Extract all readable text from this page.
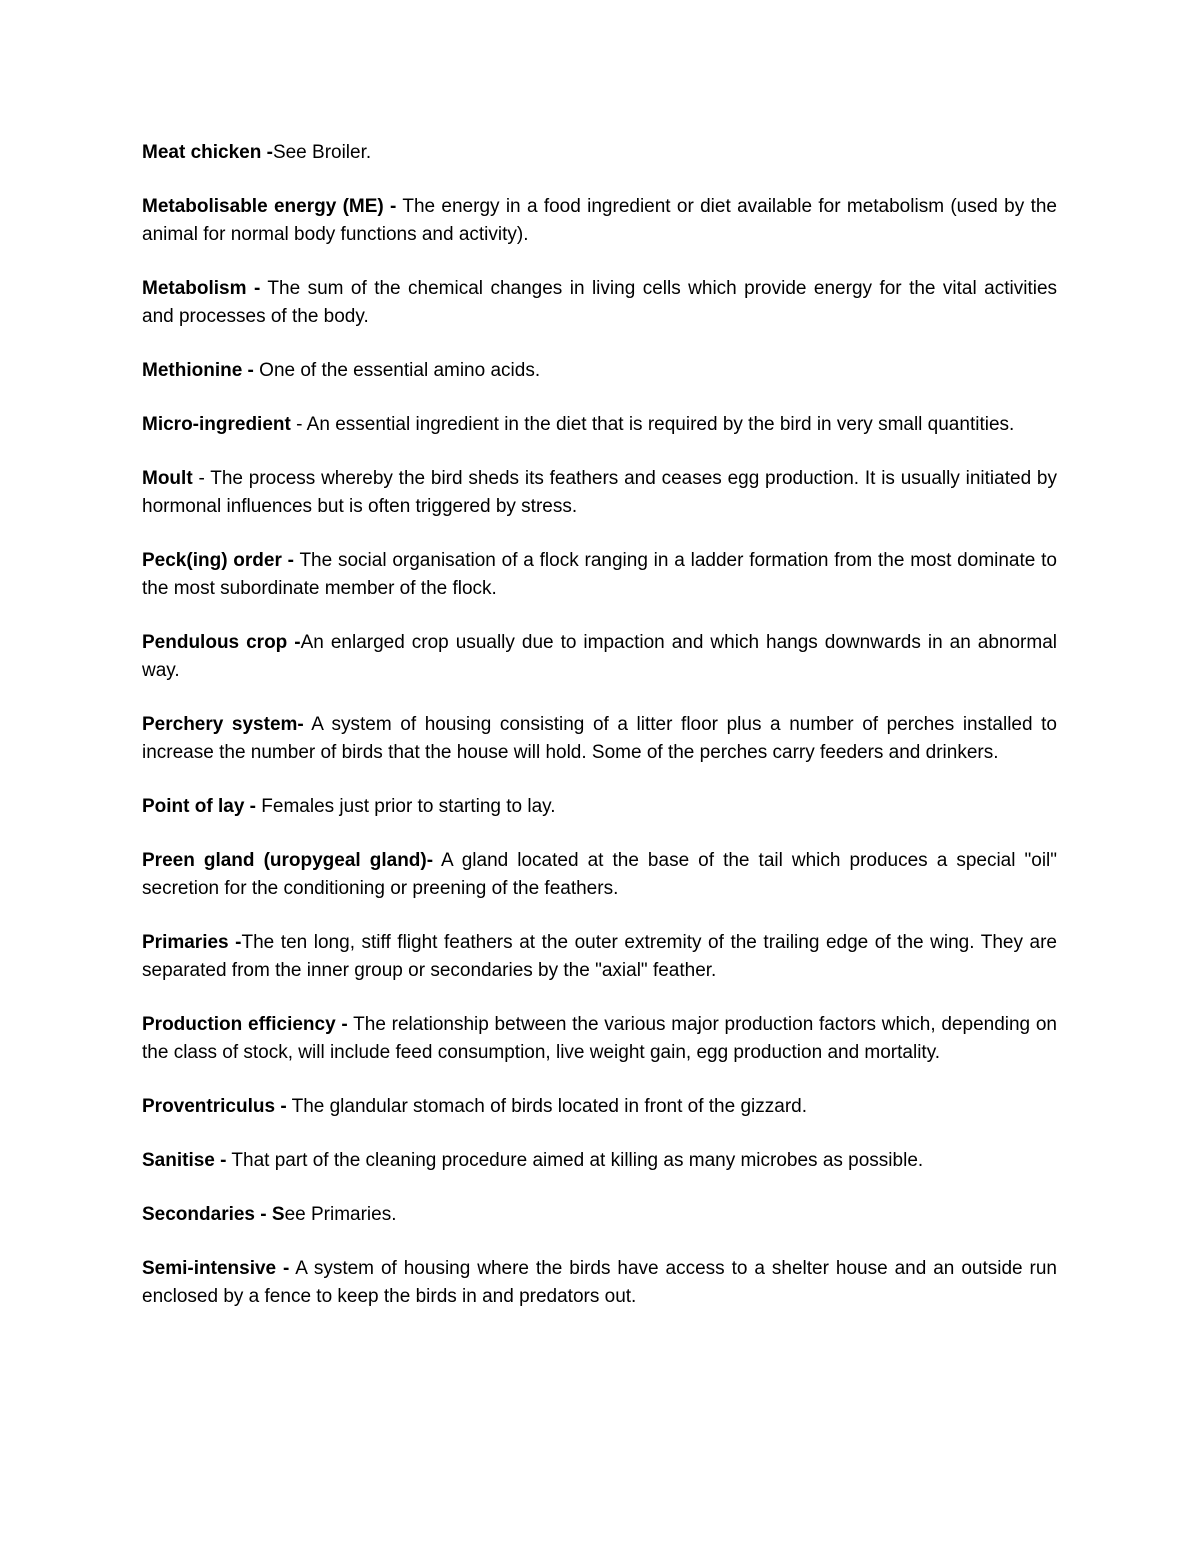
Meat chicken -See Broiler.

Metabolisable energy (ME) - The energy in a food ingredient or diet available for metabolism (used by the animal for normal body functions and activity).

Metabolism - The sum of the chemical changes in living cells which provide energy for the vital activities and processes of the body.

Methionine - One of the essential amino acids.

Micro-ingredient - An essential ingredient in the diet that is required by the bird in very small quantities.

Moult - The process whereby the bird sheds its feathers and ceases egg production. It is usually initiated by hormonal influences but is often triggered by stress.

Peck(ing) order - The social organisation of a flock ranging in a ladder formation from the most dominate to the most subordinate member of the flock.

Pendulous crop -An enlarged crop usually due to impaction and which hangs downwards in an abnormal way.

Perchery system- A system of housing consisting of a litter floor plus a number of perches installed to increase the number of birds that the house will hold. Some of the perches carry feeders and drinkers.

Point of lay - Females just prior to starting to lay.

Preen gland (uropygeal gland)- A gland located at the base of the tail which produces a special "oil" secretion for the conditioning or preening of the feathers.

Primaries -The ten long, stiff flight feathers at the outer extremity of the trailing edge of the wing. They are separated from the inner group or secondaries by the "axial" feather.

Production efficiency - The relationship between the various major production factors which, depending on the class of stock, will include feed consumption, live weight gain, egg production and mortality.

Proventriculus - The glandular stomach of birds located in front of the gizzard.

Sanitise - That part of the cleaning procedure aimed at killing as many microbes as possible.

Secondaries - See Primaries.

Semi-intensive - A system of housing where the birds have access to a shelter house and an outside run enclosed by a fence to keep the birds in and predators out.
